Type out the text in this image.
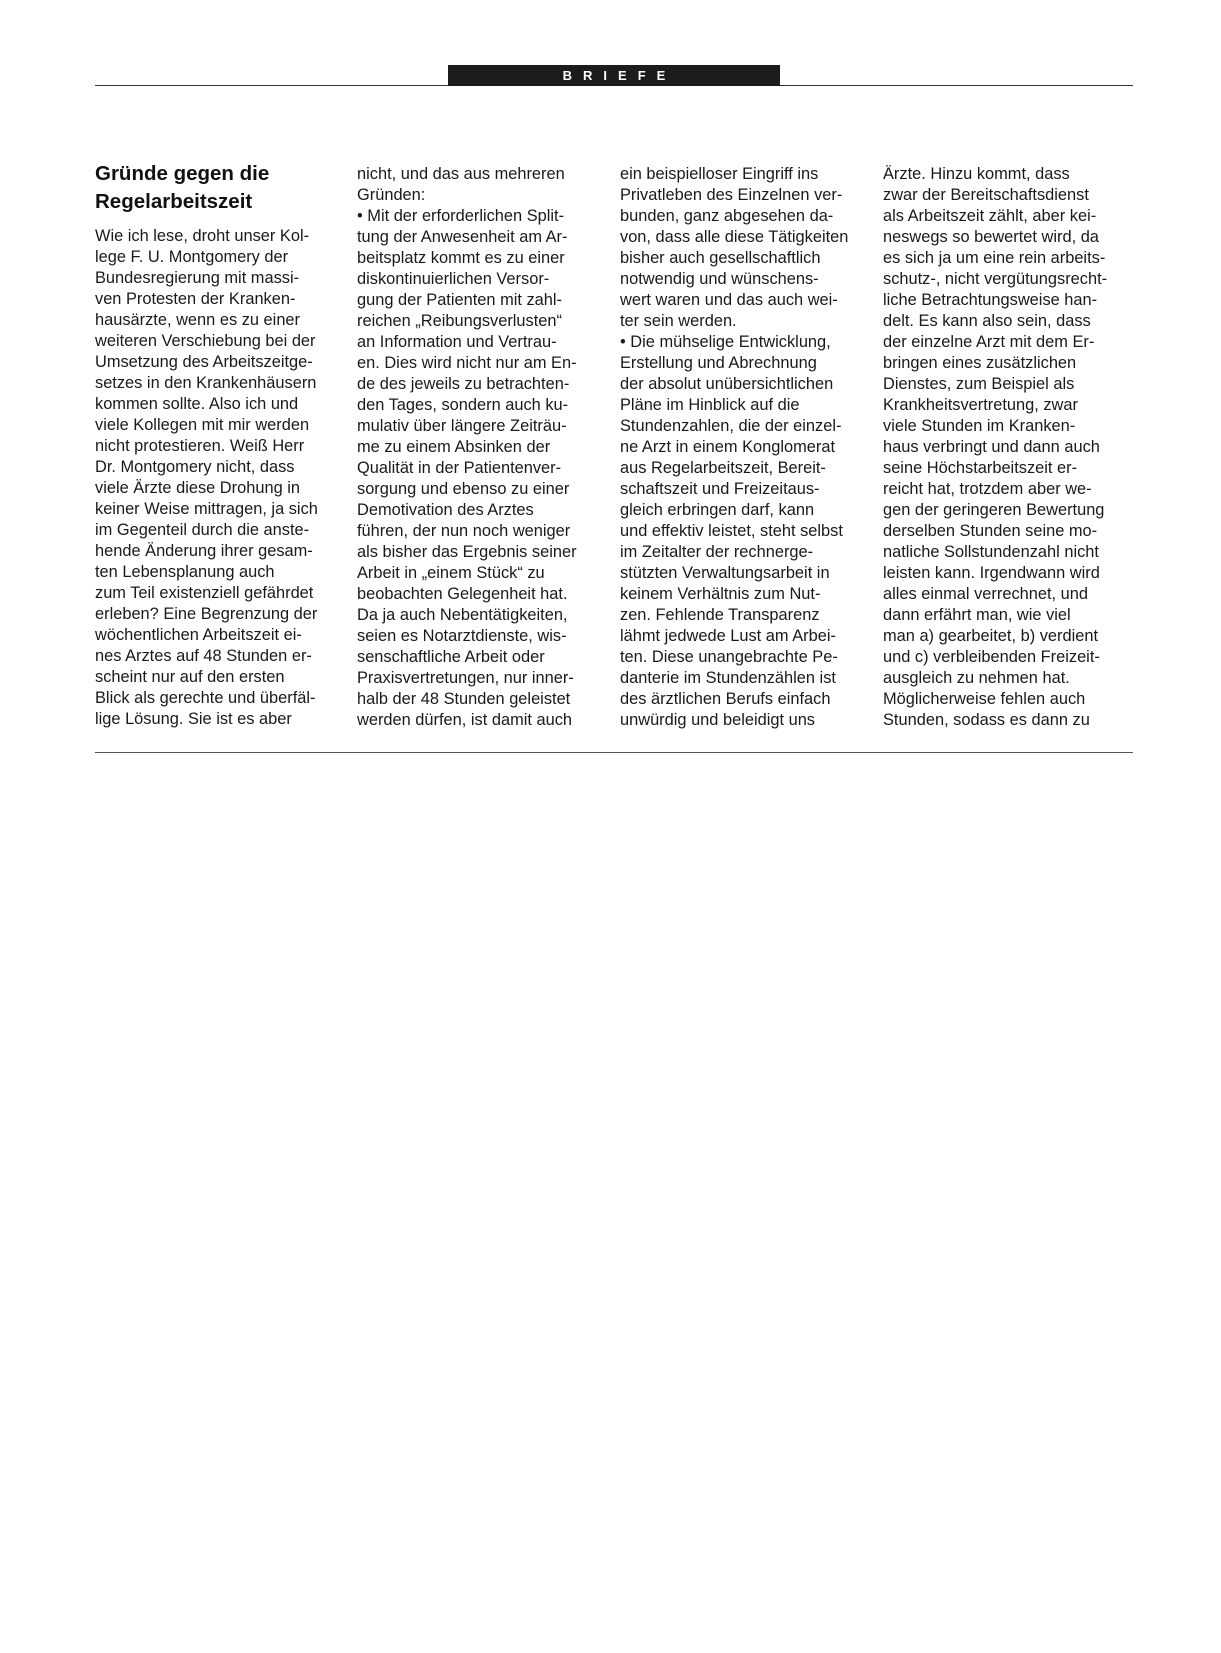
BRIEFE
Gründe gegen die
Regelarbeitszeit
Wie ich lese, droht unser Kol-
lege F. U. Montgomery der
Bundesregierung mit massi-
ven Protesten der Kranken-
hausärzte, wenn es zu einer
weiteren Verschiebung bei der
Umsetzung des Arbeitszeitge-
setzes in den Krankenhäusern
kommen sollte. Also ich und
viele Kollegen mit mir werden
nicht protestieren. Weiß Herr
Dr. Montgomery nicht, dass
viele Ärzte diese Drohung in
keiner Weise mittragen, ja sich
im Gegenteil durch die anste-
hende Änderung ihrer gesam-
ten Lebensplanung auch
zum Teil existenziell gefährdet
erleben? Eine Begrenzung der
wöchentlichen Arbeitszeit ei-
nes Arztes auf 48 Stunden er-
scheint nur auf den ersten
Blick als gerechte und überfäl-
lige Lösung. Sie ist es aber
nicht, und das aus mehreren
Gründen:
• Mit der erforderlichen Split-
tung der Anwesenheit am Ar-
beitsplatz kommt es zu einer
diskontinuierlichen Versor-
gung der Patienten mit zahl-
reichen „Reibungsverlusten“
an Information und Vertrau-
en. Dies wird nicht nur am En-
de des jeweils zu betrachten-
den Tages, sondern auch ku-
mulativ über längere Zeiträu-
me zu einem Absinken der
Qualität in der Patientenver-
sorgung und ebenso zu einer
Demotivation des Arztes
führen, der nun noch weniger
als bisher das Ergebnis seiner
Arbeit in „einem Stück“ zu
beobachten Gelegenheit hat.
Da ja auch Nebentätigkeiten,
seien es Notarztdienste, wis-
senschaftliche Arbeit oder
Praxisvertretungen, nur inner-
halb der 48 Stunden geleistet
werden dürfen, ist damit auch
ein beispielloser Eingriff ins
Privatleben des Einzelnen ver-
bunden, ganz abgesehen da-
von, dass alle diese Tätigkeiten
bisher auch gesellschaftlich
notwendig und wünschens-
wert waren und das auch wei-
ter sein werden.
• Die mühselige Entwicklung,
Erstellung und Abrechnung
der absolut unübersichtlichen
Pläne im Hinblick auf die
Stundenzahlen, die der einzel-
ne Arzt in einem Konglomerat
aus Regelarbeitszeit, Bereit-
schaftszeit und Freizeitaus-
gleich erbringen darf, kann
und effektiv leistet, steht selbst
im Zeitalter der rechnerge-
stützten Verwaltungsarbeit in
keinem Verhältnis zum Nut-
zen. Fehlende Transparenz
lähmt jedwede Lust am Arbei-
ten. Diese unangebrachte Pe-
danterie im Stundenzählen ist
des ärztlichen Berufs einfach
unwürdig und beleidigt uns
Ärzte. Hinzu kommt, dass
zwar der Bereitschaftsdienst
als Arbeitszeit zählt, aber kei-
neswegs so bewertet wird, da
es sich ja um eine rein arbeits-
schutz-, nicht vergütungsrecht-
liche Betrachtungsweise han-
delt. Es kann also sein, dass
der einzelne Arzt mit dem Er-
bringen eines zusätzlichen
Dienstes, zum Beispiel als
Krankheitsvertretung, zwar
viele Stunden im Kranken-
haus verbringt und dann auch
seine Höchstarbeitszeit er-
reicht hat, trotzdem aber we-
gen der geringeren Bewertung
derselben Stunden seine mo-
natliche Sollstundenzahl nicht
leisten kann. Irgendwann wird
alles einmal verrechnet, und
dann erfährt man, wie viel
man a) gearbeitet, b) verdient
und c) verbleibenden Freizeit-
ausgleich zu nehmen hat.
Möglicherweise fehlen auch
Stunden, sodass es dann zu
